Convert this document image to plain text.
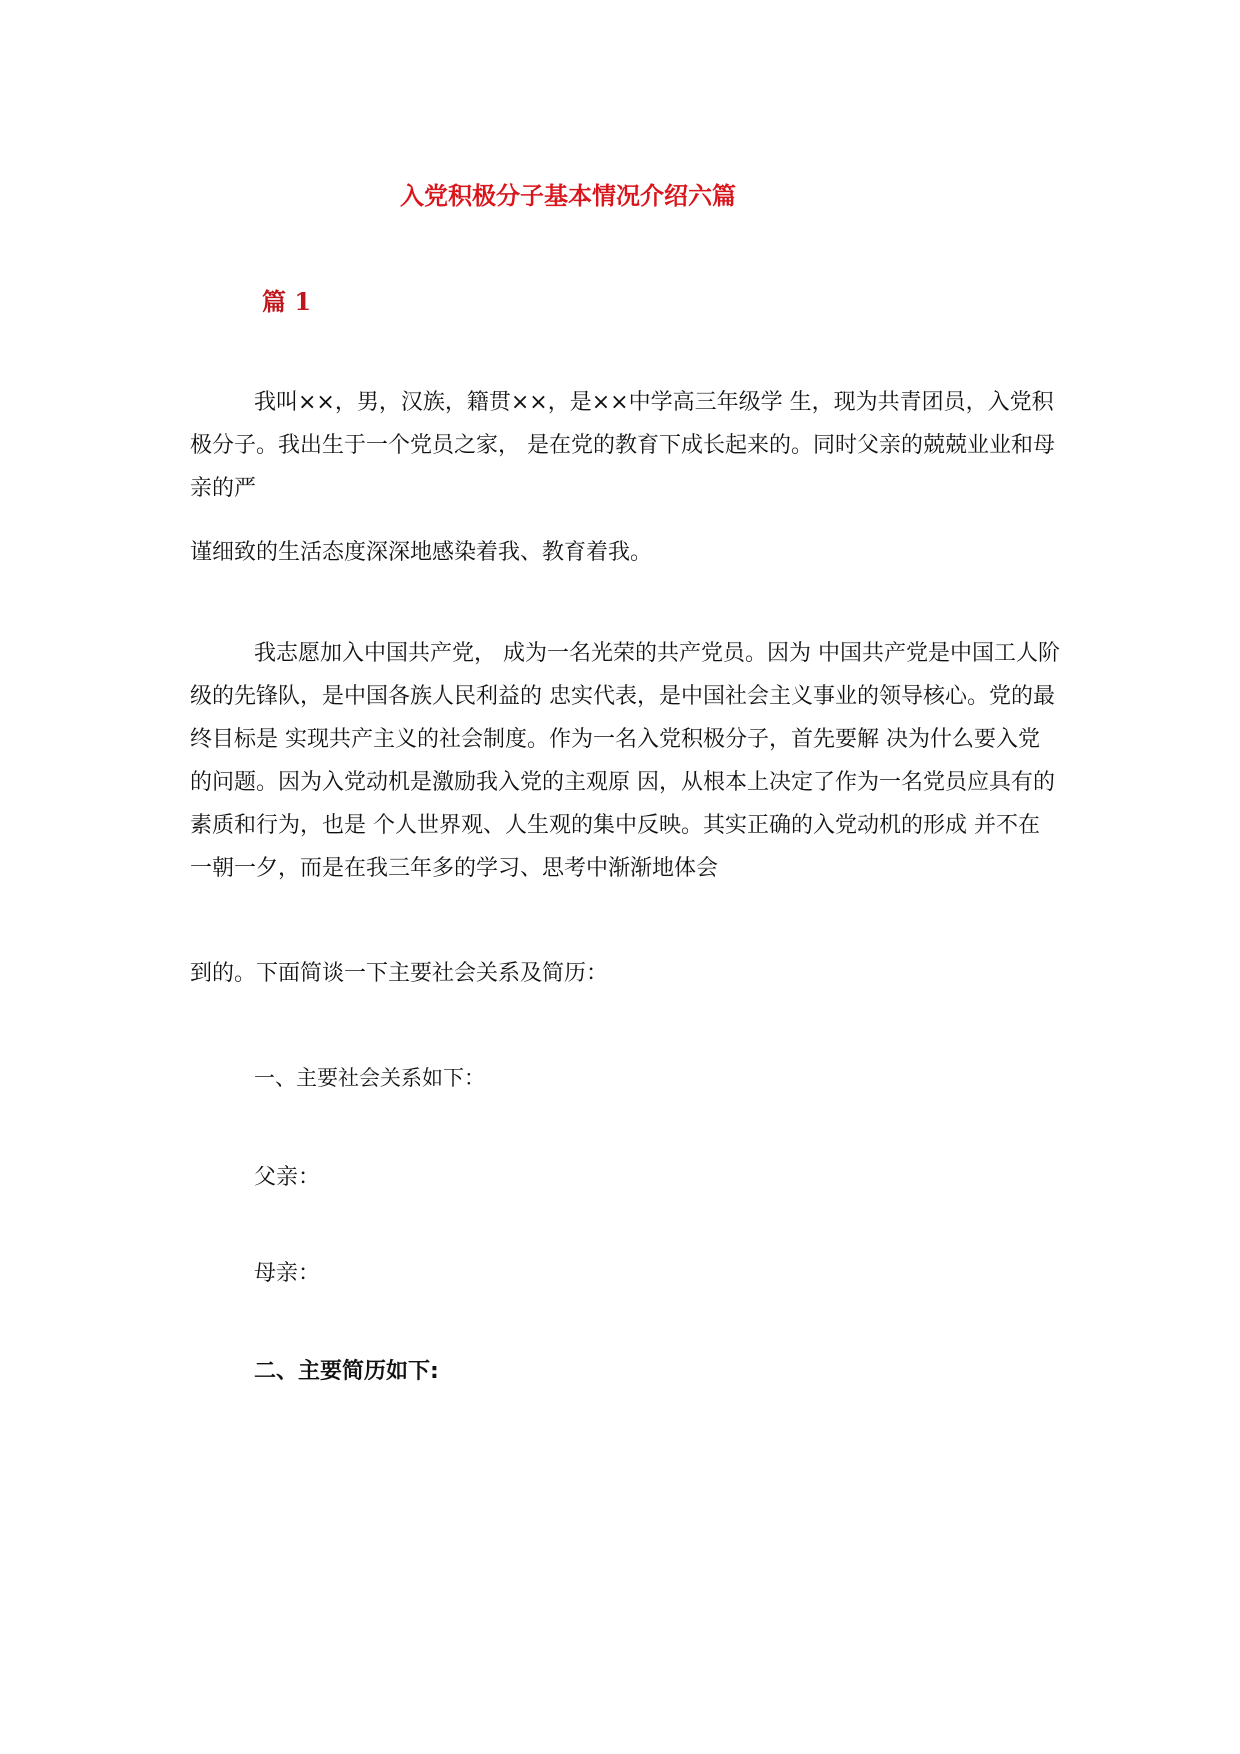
入党积极分子基本情况介绍六篇
篇 1

我叫××，男，汉族，籍贯××，是××中学高三年级学 生，现为共青团员，入党积极分子。我出生于一个党员之家， 是在党的教育下成长起来的。同时父亲的兢兢业业和母亲的严

谨细致的生活态度深深地感染着我、教育着我。

我志愿加入中国共产党， 成为一名光荣的共产党员。因为 中国共产党是中国工人阶级的先锋队，是中国各族人民利益的 忠实代表，是中国社会主义事业的领导核心。党的最终目标是 实现共产主义的社会制度。作为一名入党积极分子，首先要解 决为什么要入党的问题。因为入党动机是激励我入党的主观原 因，从根本上决定了作为一名党员应具有的素质和行为，也是 个人世界观、人生观的集中反映。其实正确的入党动机的形成 并不在一朝一夕，而是在我三年多的学习、思考中渐渐地体会

到的。下面简谈一下主要社会关系及简历：

一、主要社会关系如下：
父亲：
母亲：
二、主要简历如下:
